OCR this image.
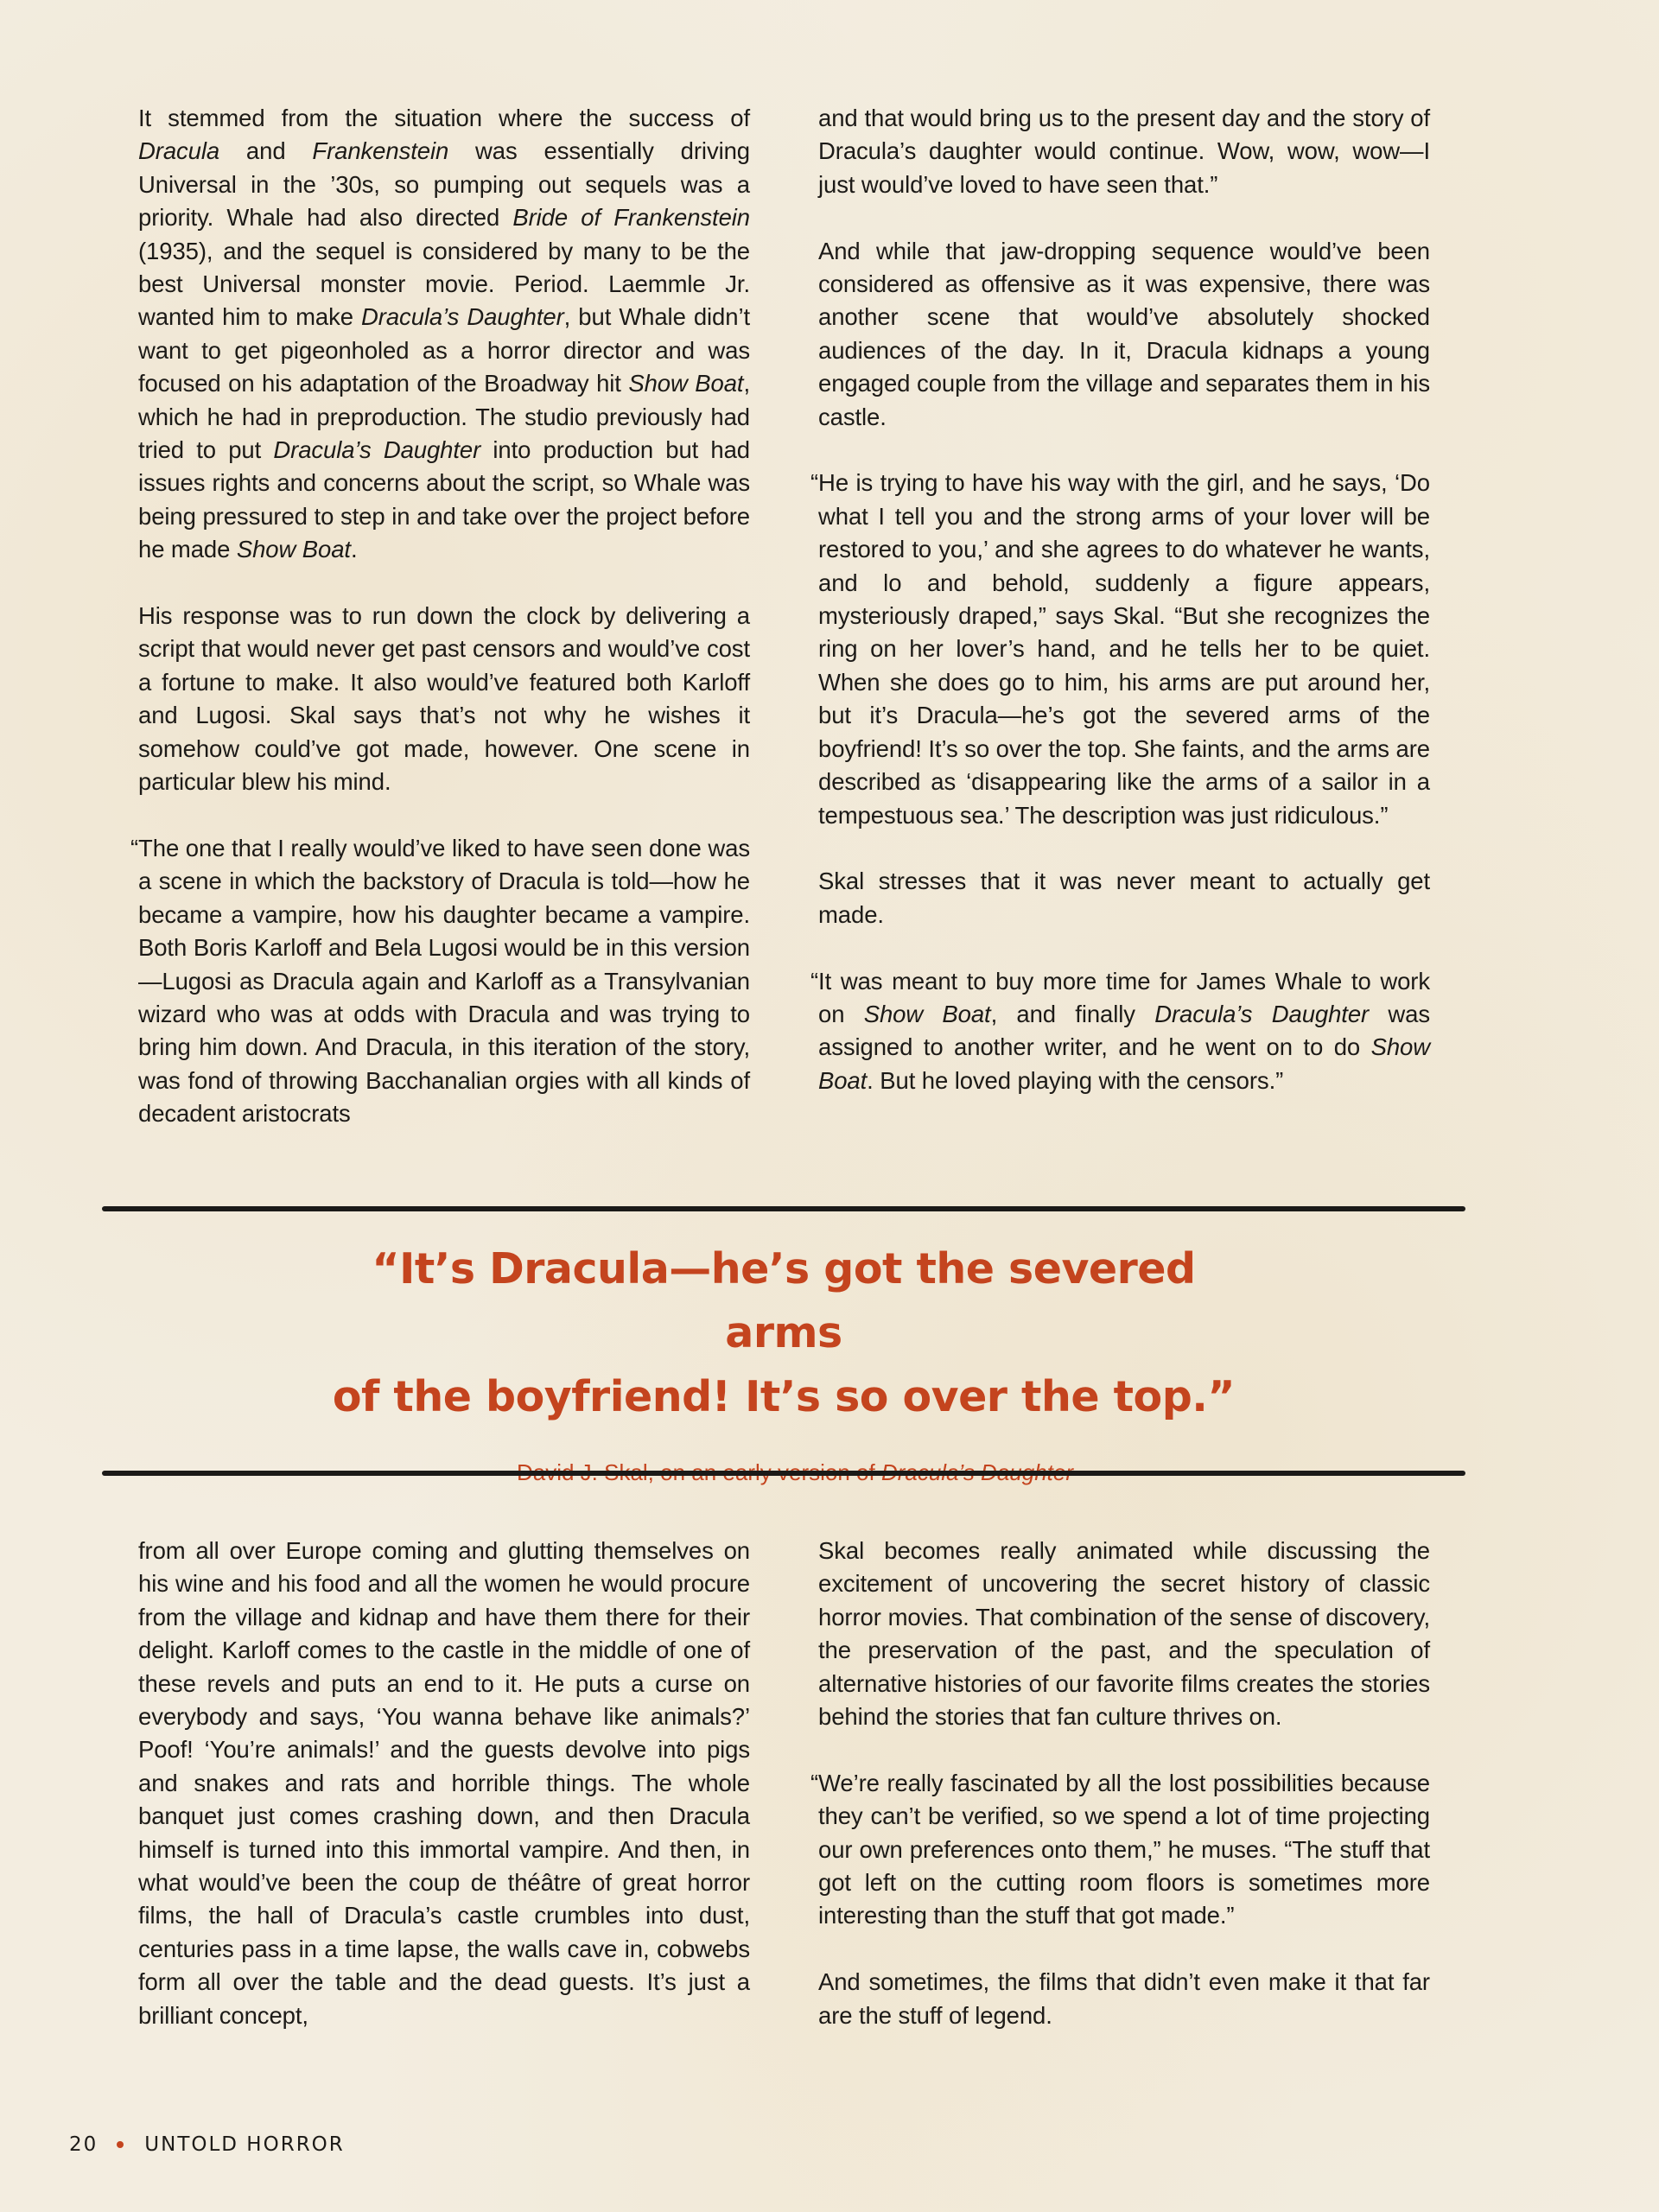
It stemmed from the situation where the success of Dracula and Frankenstein was essentially driving Universal in the ’30s, so pumping out sequels was a priority. Whale had also directed Bride of Frankenstein (1935), and the sequel is considered by many to be the best Universal monster movie. Period. Laemmle Jr. wanted him to make Dracula’s Daughter, but Whale didn’t want to get pigeonholed as a horror director and was focused on his adaptation of the Broadway hit Show Boat, which he had in preproduction. The studio previously had tried to put Dracula’s Daughter into production but had issues rights and concerns about the script, so Whale was being pressured to step in and take over the project before he made Show Boat.

His response was to run down the clock by delivering a script that would never get past censors and would’ve cost a fortune to make. It also would’ve featured both Karloff and Lugosi. Skal says that’s not why he wishes it somehow could’ve got made, however. One scene in particular blew his mind.

“The one that I really would’ve liked to have seen done was a scene in which the backstory of Dracula is told—how he became a vampire, how his daughter became a vampire. Both Boris Karloff and Bela Lugosi would be in this version—Lugosi as Dracula again and Karloff as a Transylvanian wizard who was at odds with Dracula and was trying to bring him down. And Dracula, in this iteration of the story, was fond of throwing Bacchanalian orgies with all kinds of decadent aristocrats

and that would bring us to the present day and the story of Dracula’s daughter would continue. Wow, wow, wow—I just would’ve loved to have seen that.”

And while that jaw-dropping sequence would’ve been considered as offensive as it was expensive, there was another scene that would’ve absolutely shocked audiences of the day. In it, Dracula kidnaps a young engaged couple from the village and separates them in his castle.

“He is trying to have his way with the girl, and he says, ‘Do what I tell you and the strong arms of your lover will be restored to you,’ and she agrees to do whatever he wants, and lo and behold, suddenly a figure appears, mysteriously draped,” says Skal. “But she recognizes the ring on her lover’s hand, and he tells her to be quiet. When she does go to him, his arms are put around her, but it’s Dracula—he’s got the severed arms of the boyfriend! It’s so over the top. She faints, and the arms are described as ‘disappearing like the arms of a sailor in a tempestuous sea.’ The description was just ridiculous.”

Skal stresses that it was never meant to actually get made.

“It was meant to buy more time for James Whale to work on Show Boat, and finally Dracula’s Daughter was assigned to another writer, and he went on to do Show Boat. But he loved playing with the censors.”

“It’s Dracula—he’s got the severed arms
of the boyfriend! It’s so over the top.”

from all over Europe coming and glutting themselves on his wine and his food and all the women he would procure from the village and kidnap and have them there for their delight. Karloff comes to the castle in the middle of one of these revels and puts an end to it. He puts a curse on everybody and says, ‘You wanna behave like animals?’ Poof! ‘You’re animals!’ and the guests devolve into pigs and snakes and rats and horrible things. The whole banquet just comes crashing down, and then Dracula himself is turned into this immortal vampire. And then, in what would’ve been the coup de théâtre of great horror films, the hall of Dracula’s castle crumbles into dust, centuries pass in a time lapse, the walls cave in, cobwebs form all over the table and the dead guests. It’s just a brilliant concept,

Skal becomes really animated while discussing the excitement of uncovering the secret history of classic horror movies. That combination of the sense of discovery, the preservation of the past, and the speculation of alternative histories of our favorite films creates the stories behind the stories that fan culture thrives on.

“We’re really fascinated by all the lost possibilities because they can’t be verified, so we spend a lot of time projecting our own preferences onto them,” he muses. “The stuff that got left on the cutting room floors is sometimes more interesting than the stuff that got made.”

And sometimes, the films that didn’t even make it that far are the stuff of legend.

20 UNTOLD HORROR
